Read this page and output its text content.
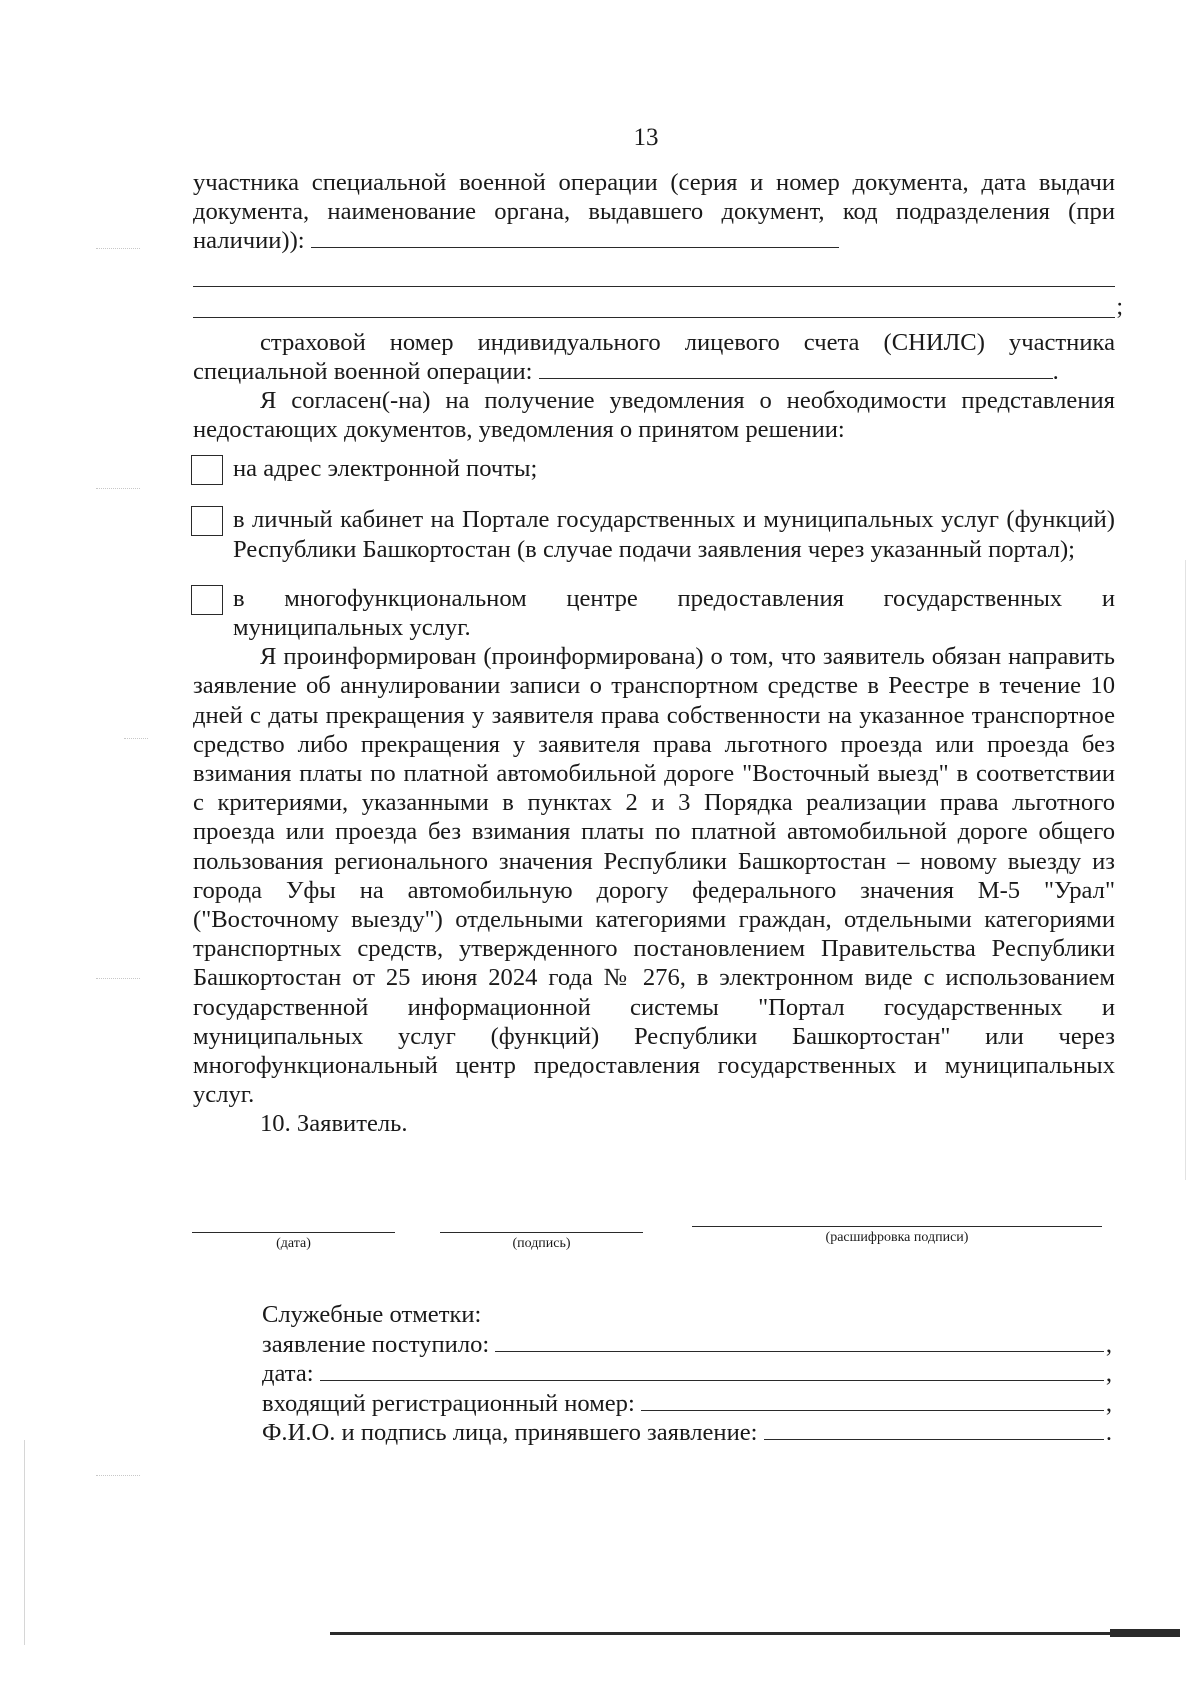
13

участника специальной военной операции (серия и номер документа, дата выдачи документа, наименование органа, выдавшего документ, код подразделения (при наличии)):

;

страховой номер индивидуального лицевого счета (СНИЛС) участника специальной военной операции:	.

Я согласен(-на) на получение уведомления о необходимости представления недостающих документов, уведомления о принятом решении:

на адрес электронной почты;
в личный кабинет на Портале государственных и муниципальных услуг (функций) Республики Башкортостан (в случае подачи заявления через указанный портал);
в многофункциональном центре предоставления государственных и муниципальных услуг.

Я проинформирован (проинформирована) о том, что заявитель обязан направить заявление об аннулировании записи о транспортном средстве в Реестре в течение 10 дней с даты прекращения у заявителя права собственности на указанное транспортное средство либо прекращения у заявителя права льготного проезда или проезда без взимания платы по платной автомобильной дороге "Восточный выезд" в соответствии с критериями, указанными в пунктах 2 и 3 Порядка реализации права льготного проезда или проезда без взимания платы по платной автомобильной дороге общего пользования регионального значения Республики Башкортостан – новому выезду из города Уфы на автомобильную дорогу федерального значения М-5 "Урал" ("Восточному выезду") отдельными категориями граждан, отдельными категориями транспортных средств, утвержденного постановлением Правительства Республики Башкортостан от 25 июня 2024 года № 276, в электронном виде с использованием государственной информационной системы "Портал государственных и муниципальных услуг (функций) Республики Башкортостан" или через многофункциональный центр предоставления государственных и муниципальных услуг.

10. Заявитель.

(дата)	(подпись)	(расшифровка подписи)
Служебные отметки:
заявление поступило:	,
дата:	,
входящий регистрационный номер:	,
Ф.И.О. и подпись лица, принявшего заявление:	.
